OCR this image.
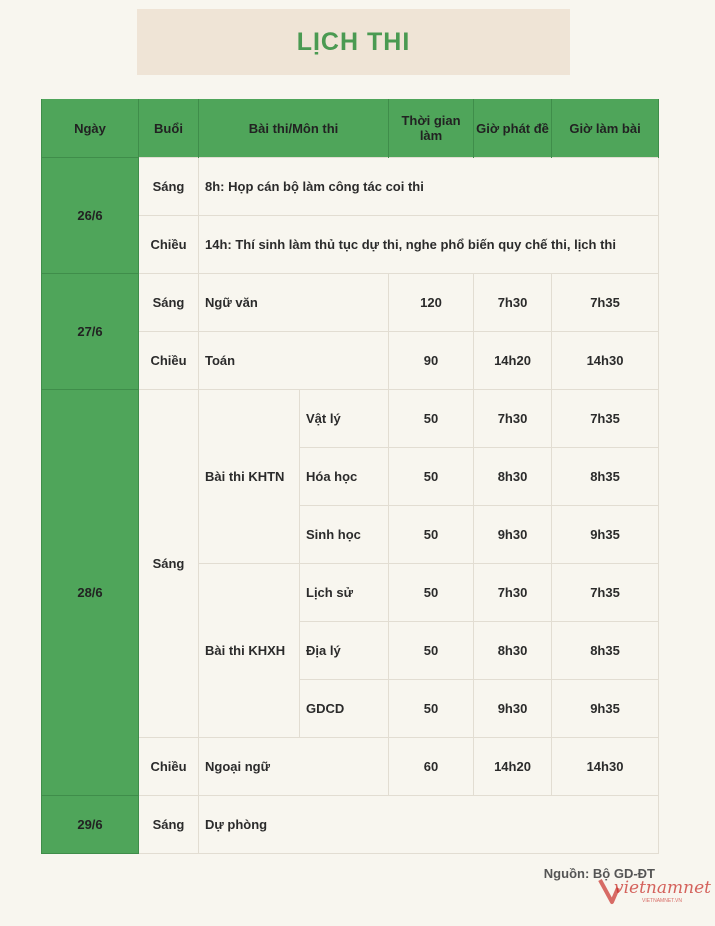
LỊCH THI
Ngày	Buổi	Bài thi/Môn thi		Thời gian làm	Giờ phát đề	Giờ làm bài
26/6	Sáng	8h: Họp cán bộ làm công tác coi thi				
	Chiều	14h: Thí sinh làm thủ tục dự thi, nghe phổ biến quy chế thi, lịch thi				
27/6	Sáng	Ngữ văn		120	7h30	7h35
	Chiều	Toán		90	14h20	14h30
28/6	Sáng	Bài thi KHTN	Vật lý	50	7h30	7h35
			Hóa học	50	8h30	8h35
			Sinh học	50	9h30	9h35
		Bài thi KHXH	Lịch sử	50	7h30	7h35
			Địa lý	50	8h30	8h35
			GDCD	50	9h30	9h35
	Chiều	Ngoại ngữ		60	14h20	14h30
29/6	Sáng	Dự phòng				
Nguồn: Bộ GD-ĐT
vietnamnet
VIETNAMNET.VN
